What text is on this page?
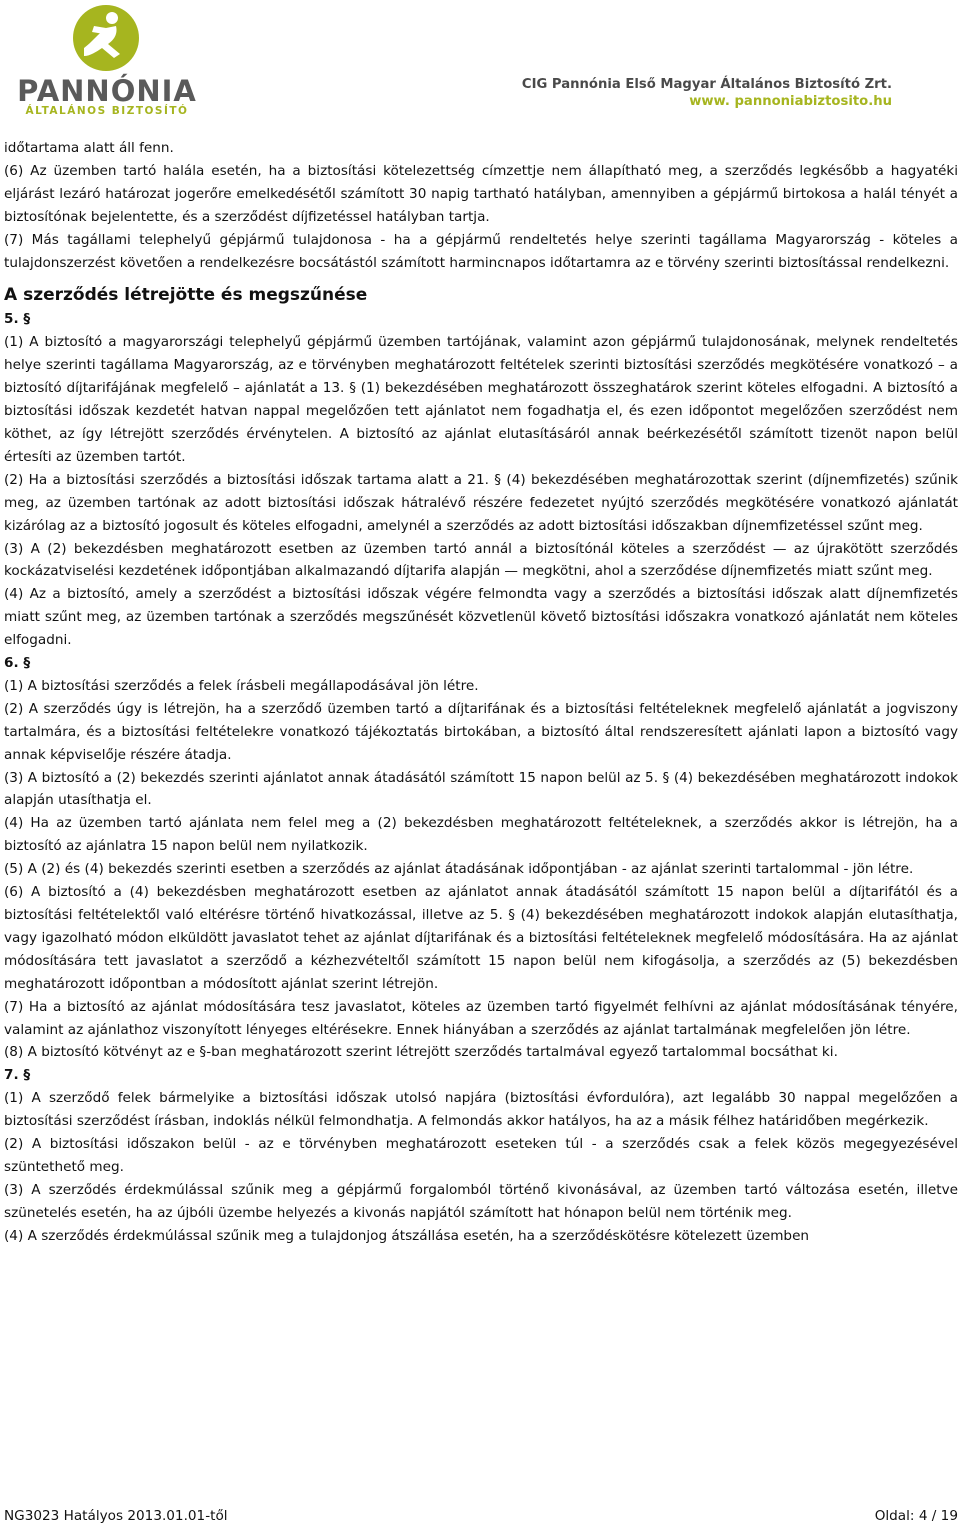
PANNÓNIA
ÁLTALÁNOS BIZTOSÍTÓ
CIG Pannónia Első Magyar Általános Biztosító Zrt.
www. pannoniabiztosito.hu

időtartama alatt áll fenn.

(6) Az üzemben tartó halála esetén, ha a biztosítási kötelezettség címzettje nem állapítható meg, a szerződés legkésőbb a hagyatéki eljárást lezáró határozat jogerőre emelkedésétől számított 30 napig tartható hatályban, amennyiben a gépjármű birtokosa a halál tényét a biztosítónak bejelentette, és a szerződést díjfizetéssel hatályban tartja.

(7) Más tagállami telephelyű gépjármű tulajdonosa - ha a gépjármű rendeltetés helye szerinti tagállama Magyarország - köteles a tulajdonszerzést követően a rendelkezésre bocsátástól számított harmincnapos időtartamra az e törvény szerinti biztosítással rendelkezni.

A szerződés létrejötte és megszűnése

5. §

(1) A biztosító a magyarországi telephelyű gépjármű üzemben tartójának, valamint azon gépjármű tulajdonosának, melynek rendeltetés helye szerinti tagállama Magyarország, az e törvényben meghatározott feltételek szerinti biztosítási szerződés megkötésére vonatkozó – a biztosító díjtarifájának megfelelő – ajánlatát a 13. § (1) bekezdésében meghatározott összeghatárok szerint köteles elfogadni. A biztosító a biztosítási időszak kezdetét hatvan nappal megelőzően tett ajánlatot nem fogadhatja el, és ezen időpontot megelőzően szerződést nem köthet, az így létrejött szerződés érvénytelen. A biztosító az ajánlat elutasításáról annak beérkezésétől számított tizenöt napon belül értesíti az üzemben tartót.

(2) Ha a biztosítási szerződés a biztosítási időszak tartama alatt a 21. § (4) bekezdésében meghatározottak szerint (díjnemfizetés) szűnik meg, az üzemben tartónak az adott biztosítási időszak hátralévő részére fedezetet nyújtó szerződés megkötésére vonatkozó ajánlatát kizárólag az a biztosító jogosult és köteles elfogadni, amelynél a szerződés az adott biztosítási időszakban díjnemfizetéssel szűnt meg.

(3) A (2) bekezdésben meghatározott esetben az üzemben tartó annál a biztosítónál köteles a szerződést — az újrakötött szerződés kockázatviselési kezdetének időpontjában alkalmazandó díjtarifa alapján — megkötni, ahol a szerződése díjnemfizetés miatt szűnt meg.

(4) Az a biztosító, amely a szerződést a biztosítási időszak végére felmondta vagy a szerződés a biztosítási időszak alatt díjnemfizetés miatt szűnt meg, az üzemben tartónak a szerződés megszűnését közvetlenül követő biztosítási időszakra vonatkozó ajánlatát nem köteles elfogadni.

6. §

(1) A biztosítási szerződés a felek írásbeli megállapodásával jön létre.

(2) A szerződés úgy is létrejön, ha a szerződő üzemben tartó a díjtarifának és a biztosítási feltételeknek megfelelő ajánlatát a jogviszony tartalmára, és a biztosítási feltételekre vonatkozó tájékoztatás birtokában, a biztosító által rendszeresített ajánlati lapon a biztosító vagy annak képviselője részére átadja.

(3) A biztosító a (2) bekezdés szerinti ajánlatot annak átadásától számított 15 napon belül az 5. § (4) bekezdésében meghatározott indokok alapján utasíthatja el.

(4) Ha az üzemben tartó ajánlata nem felel meg a (2) bekezdésben meghatározott feltételeknek, a szerződés akkor is létrejön, ha a biztosító az ajánlatra 15 napon belül nem nyilatkozik.

(5) A (2) és (4) bekezdés szerinti esetben a szerződés az ajánlat átadásának időpontjában - az ajánlat szerinti tartalommal - jön létre.

(6) A biztosító a (4) bekezdésben meghatározott esetben az ajánlatot annak átadásától számított 15 napon belül a díjtarifától és a biztosítási feltételektől való eltérésre történő hivatkozással, illetve az 5. § (4) bekezdésében meghatározott indokok alapján elutasíthatja, vagy igazolható módon elküldött javaslatot tehet az ajánlat díjtarifának és a biztosítási feltételeknek megfelelő módosítására. Ha az ajánlat módosítására tett javaslatot a szerződő a kézhezvételtől számított 15 napon belül nem kifogásolja, a szerződés az (5) bekezdésben meghatározott időpontban a módosított ajánlat szerint létrejön.

(7) Ha a biztosító az ajánlat módosítására tesz javaslatot, köteles az üzemben tartó figyelmét felhívni az ajánlat módosításának tényére, valamint az ajánlathoz viszonyított lényeges eltérésekre. Ennek hiányában a szerződés az ajánlat tartalmának megfelelően jön létre.

(8) A biztosító kötvényt az e §-ban meghatározott szerint létrejött szerződés tartalmával egyező tartalommal bocsáthat ki.

7. §

(1) A szerződő felek bármelyike a biztosítási időszak utolsó napjára (biztosítási évfordulóra), azt legalább 30 nappal megelőzően a biztosítási szerződést írásban, indoklás nélkül felmondhatja. A felmondás akkor hatályos, ha az a másik félhez határidőben megérkezik.

(2) A biztosítási időszakon belül - az e törvényben meghatározott eseteken túl - a szerződés csak a felek közös megegyezésével szüntethető meg.

(3) A szerződés érdekmúlással szűnik meg a gépjármű forgalomból történő kivonásával, az üzemben tartó változása esetén, illetve szünetelés esetén, ha az újbóli üzembe helyezés a kivonás napjától számított hat hónapon belül nem történik meg.

(4) A szerződés érdekmúlással szűnik meg a tulajdonjog átszállása esetén, ha a szerződéskötésre kötelezett üzemben

NG3023 Hatályos 2013.01.01-től	Oldal: 4 / 19
